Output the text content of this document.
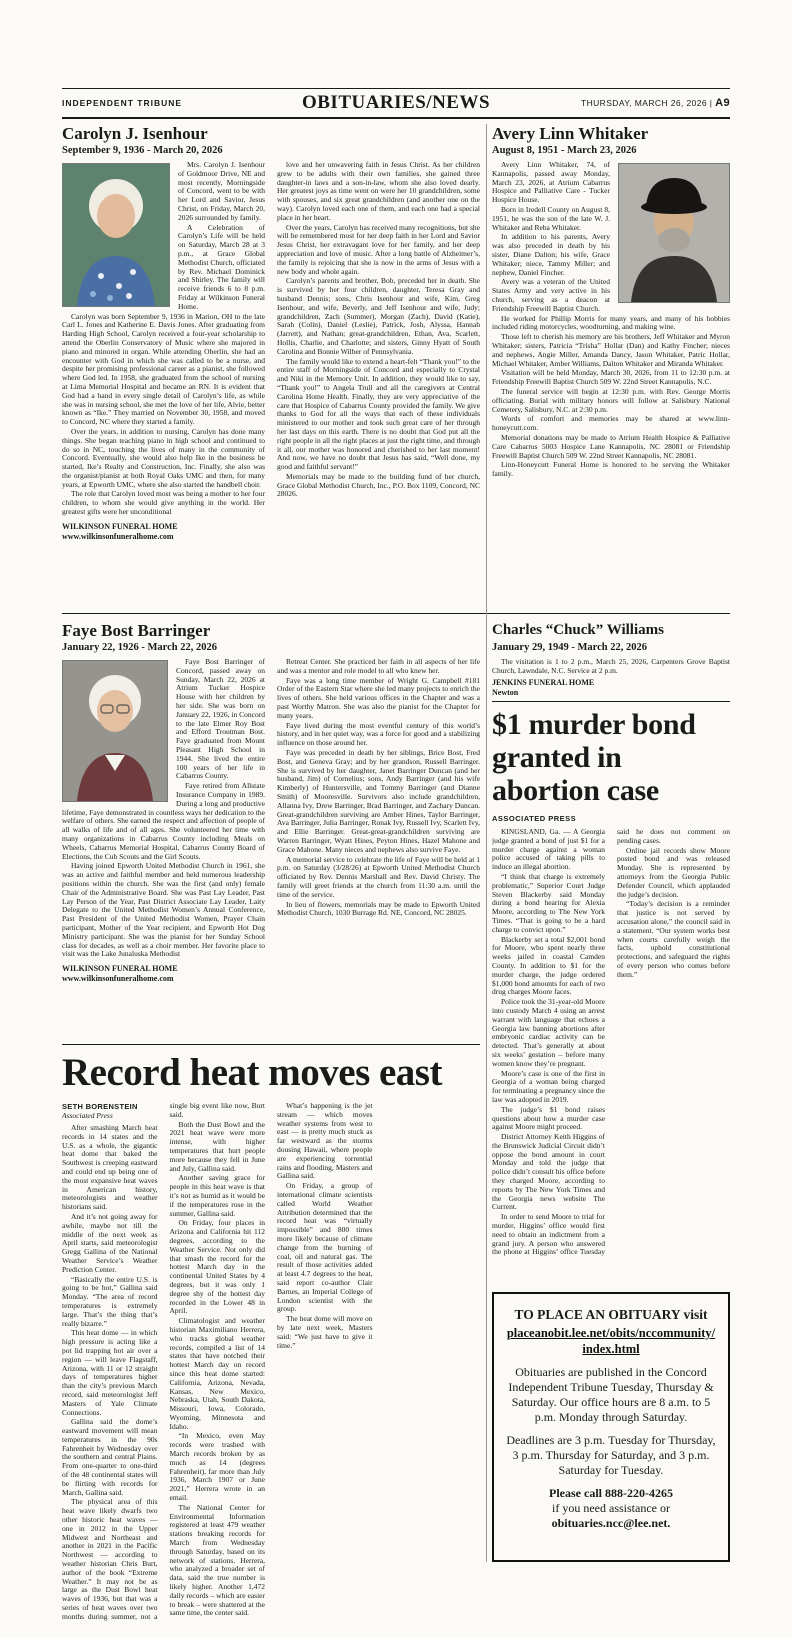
INDEPENDENT TRIBUNE	OBITUARIES/NEWS	THURSDAY, MARCH 26, 2026 | A9
Carolyn J. Isenhour
September 9, 1936 - March 20, 2026

Mrs. Carolyn J. Isenhour of Goldmoor Drive, NE and most recently, Morningside of Concord, went to be with her Lord and Savior, Jesus Christ, on Friday, March 20, 2026 surrounded by family.

A Celebration of Carolyn’s Life will be held on Saturday, March 28 at 3 p.m., at Grace Global Methodist Church, officiated by Rev. Michael Dominick and Shirley. The family will receive friends 6 to 8 p.m. Friday at Wilkinson Funeral Home.

Carolyn was born September 9, 1936 in Marion, OH to the late Carl L. Jones and Katherine E. Davis Jones. After graduating from Harding High School, Carolyn received a four-year scholarship to attend the Oberlin Conservatory of Music where she majored in piano and minored in organ. While attending Oberlin, she had an encounter with God in which she was called to be a nurse, and despite her promising professional career as a pianist, she followed where God led. In 1958, she graduated from the school of nursing at Lima Memorial Hospital and became an RN. It is evident that God had a hand in every single detail of Carolyn’s life, as while she was in nursing school, she met the love of her life, Alvie, better known as “Ike.” They married on November 30, 1958, and moved to Concord, NC where they started a family.

Over the years, in addition to nursing, Carolyn has done many things. She began teaching piano in high school and continued to do so in NC, touching the lives of many in the community of Concord. Eventually, she would also help Ike in the business he started, Ike’s Realty and Construction, Inc. Finally, she also was the organist/pianist at both Royal Oaks UMC and then, for many years, at Epworth UMC, where she also started the handbell choir.

The role that Carolyn loved most was being a mother to her four children, to whom she would give anything in the world. Her greatest gifts were her unconditional

WILKINSON FUNERAL HOME
www.wilkinsonfuneralhome.com

love and her unwavering faith in Jesus Christ. As her children grew to be adults with their own families, she gained three daughter-in laws and a son-in-law, whom she also loved dearly. Her greatest joys as time went on were her 10 grandchildren, some with spouses, and six great grandchildren (and another one on the way). Carolyn loved each one of them, and each one had a special place in her heart.

Over the years, Carolyn has received many recognitions, but she will be remembered most for her deep faith in her Lord and Savior Jesus Christ, her extravagant love for her family, and her deep appreciation and love of music. After a long battle of Alzheimer’s, the family is rejoicing that she is now in the arms of Jesus with a new body and whole again.

Carolyn’s parents and brother, Bob, preceded her in death. She is survived by her four children, daughter, Teresa Gray and husband Dennis; sons, Chris Isenhour and wife, Kim, Greg Isenhour, and wife, Beverly, and Jeff Isenhour and wife, Judy; grandchildren, Zach (Summer), Morgan (Zach), David (Katie), Sarah (Colin), Daniel (Leslie), Patrick, Josh, Alyssa, Hannah (Jarrett), and Nathan; great-grandchildren, Ethan, Ava, Scarlett, Hollis, Charlie, and Charlotte; and sisters, Ginny Hyatt of South Carolina and Bonnie Wilber of Pennsylvania.

The family would like to extend a heart-felt “Thank you!” to the entire staff of Morningside of Concord and especially to Crystal and Niki in the Memory Unit. In addition, they would like to say, “Thank you!” to Angela Trull and all the caregivers at Central Carolina Home Health. Finally, they are very appreciative of the care that Hospice of Cabarrus County provided the family. We give thanks to God for all the ways that each of these individuals ministered to our mother and took such great care of her through her last days on this earth. There is no doubt that God put all the right people in all the right places at just the right time, and through it all, our mother was honored and cherished to her last moment! And now, we have no doubt that Jesus has said, “Well done, my good and faithful servant!”

Memorials may be made to the building fund of her church, Grace Global Methodist Church, Inc., P.O. Box 1109, Concord, NC 28026.

Avery Linn Whitaker
August 8, 1951 - March 23, 2026

Avery Linn Whitaker, 74, of Kannapolis, passed away Monday, March 23, 2026, at Atrium Cabarrus Hospice and Palliative Care - Tucker Hospice House.

Born in Iredell County on August 8, 1951, he was the son of the late W. J. Whitaker and Reba Whitaker.

In addition to his parents, Avery was also preceded in death by his sister, Diane Dalton; his wife, Grace Whitaker; niece, Tammy Miller; and nephew, Daniel Fincher.

Avery was a veteran of the United States Army and very active in his church, serving as a deacon at Friendship Freewill Baptist Church.

He worked for Phillip Morris for many years, and many of his hobbies included riding motorcycles, woodturning, and making wine.

Those left to cherish his memory are his brothers, Jeff Whitaker and Myron Whitaker; sisters, Patricia “Trisha” Hollar (Dan) and Kathy Fincher; nieces and nephews, Angie Miller, Amanda Dancy, Jason Whitaker, Patric Hollar, Michael Whitaker, Amber Williams, Dalton Whitaker and Miranda Whitaker.

Visitation will be held Monday, March 30, 2026, from 11 to 12:30 p.m. at Friendship Freewill Baptist Church 509 W. 22nd Street Kannapolis, N.C.

The funeral service will begin at 12:30 p.m. with Rev. George Morris officiating. Burial with military honors will follow at Salisbury National Cemetery, Salisbury, N.C. at 2:30 p.m.

Words of comfort and memories may be shared at www.linn-honeycutt.com.

Memorial donations may be made to Atrium Health Hospice & Palliative Care Cabarrus 5003 Hospice Lane Kannapolis, NC 28081 or Friendship Freewill Baptist Church 509 W. 22nd Street Kannapolis, NC 28081.

Linn-Honeycutt Funeral Home is honored to be serving the Whitaker family.

Faye Bost Barringer
January 22, 1926 - March 22, 2026

Faye Bost Barringer of Concord, passed away on Sunday, March 22, 2026 at Atrium Tucker Hospice House with her children by her side. She was born on January 22, 1926, in Concord to the late Elmer Roy Bost and Efford Troutman Bost. Faye graduated from Mount Pleasant High School in 1944. She lived the entire 100 years of her life in Cabarrus County.

Faye retired from Allstate Insurance Company in 1989. During a long and productive lifetime, Faye demonstrated in countless ways her dedication to the welfare of others. She earned the respect and affection of people of all walks of life and of all ages. She volunteered her time with many organizations in Cabarrus County including Meals on Wheels, Cabarrus Memorial Hospital, Cabarrus County Board of Elections, the Cub Scouts and the Girl Scouts.

Having joined Epworth United Methodist Church in 1961, she was an active and faithful member and held numerous leadership positions within the church. She was the first (and only) female Chair of the Administrative Board. She was Past Lay Leader, Past Lay Person of the Year, Past District Associate Lay Leader, Laity Delegate to the United Methodist Women’s Annual Conference, Past President of the United Methodist Women, Prayer Chain participant, Mother of the Year recipient, and Epworth Hot Dog Ministry participant. She was the pianist for her Sunday School class for decades, as well as a choir member. Her favorite place to visit was the Lake Junaluska Methodist

WILKINSON FUNERAL HOME
www.wilkinsonfuneralhome.com

Retreat Center. She practiced her faith in all aspects of her life and was a mentor and role model to all who knew her.

Faye was a long time member of Wright G. Campbell #181 Order of the Eastern Star where she led many projects to enrich the lives of others. She held various offices in the Chapter and was a past Worthy Matron. She was also the pianist for the Chapter for many years.

Faye lived during the most eventful century of this world’s history, and in her quiet way, was a force for good and a stabilizing influence on those around her.

Faye was preceded in death by her siblings, Brice Bost, Fred Bost, and Geneva Gray; and by her grandson, Russell Barringer. She is survived by her daughter, Janet Barringer Duncan (and her husband, Jim) of Cornelius; sons, Andy Barringer (and his wife Kimberly) of Huntersville, and Tommy Barringer (and Dianne Smith) of Mooresville. Survivors also include grandchildren, Allanna Ivy, Drew Barringer, Brad Barringer, and Zachary Duncan. Great-grandchildren surviving are Amber Hines, Taylor Barringer, Ava Barringer, Julia Barringer, Ronak Ivy, Russell Ivy, Scarlett Ivy, and Ellie Barringer. Great-great-grandchildren surviving are Warren Barringer, Wyatt Hines, Peyton Hines, Hazel Mahone and Grace Mahone. Many nieces and nephews also survive Faye.

A memorial service to celebrate the life of Faye will be held at 1 p.m. on Saturday (3/28/26) at Epworth United Methodist Church officiated by Rev. Dennis Marshall and Rev. David Christy. The family will greet friends at the church from 11:30 a.m. until the time of the service.

In lieu of flowers, memorials may be made to Epworth United Methodist Church, 1030 Burrage Rd. NE, Concord, NC 28025.

Charles “Chuck” Williams
January 29, 1949 - March 22, 2026

The visitation is 1 to 2 p.m., March 25, 2026, Carpenters Grove Baptist Church, Lawndale, N.C. Service at 2 p.m.

JENKINS FUNERAL HOME
Newton
$1 murder bond granted in abortion case
ASSOCIATED PRESS

KINGSLAND, Ga. — A Georgia judge granted a bond of just $1 for a murder charge against a woman police accused of taking pills to induce an illegal abortion.

“I think that charge is extremely problematic,” Superior Court Judge Steven Blackerby said Monday during a bond hearing for Alexia Moore, according to The New York Times. “That is going to be a hard charge to convict upon.”

Blackerby set a total $2,001 bond for Moore, who spent nearly three weeks jailed in coastal Camden County. In addition to $1 for the murder charge, the judge ordered $1,000 bond amounts for each of two drug charges Moore faces.

Police took the 31-year-old Moore into custody March 4 using an arrest warrant with language that echoes a Georgia law banning abortions after embryonic cardiac activity can be detected. That’s generally at about six weeks’ gestation – before many women know they’re pregnant.

Moore’s case is one of the first in Georgia of a woman being charged for terminating a pregnancy since the law was adopted in 2019.

The judge’s $1 bond raises questions about how a murder case against Moore might proceed.

District Attorney Keith Higgins of the Brunswick Judicial Circuit didn’t oppose the bond amount in court Monday and told the judge that police didn’t consult his office before they charged Moore, according to reports by The New York Times and the Georgia news website The Current.

In order to send Moore to trial for murder, Higgins’ office would first need to obtain an indictment from a grand jury. A person who answered the phone at Higgins’ office Tuesday said he does not comment on pending cases.

Online jail records show Moore posted bond and was released Monday. She is represented by attorneys from the Georgia Public Defender Council, which applauded the judge’s decision.

“Today’s decision is a reminder that justice is not served by accusation alone,” the council said in a statement. “Our system works best when courts carefully weigh the facts, uphold constitutional protections, and safeguard the rights of every person who comes before them.”

Record heat moves east
SETH BORENSTEIN
Associated Press

After smashing March heat records in 14 states and the U.S. as a whole, the gigantic heat dome that baked the Southwest is creeping eastward and could end up being one of the most expansive heat waves in American history, meteorologists and weather historians said.

And it’s not going away for awhile, maybe not till the middle of the next week as April starts, said meteorologist Gregg Gallina of the National Weather Service’s Weather Prediction Center.

“Basically the entire U.S. is going to be hot,” Gallina said Monday. “The area of record temperatures is extremely large. That’s the thing that’s really bizarre.”

This heat dome — in which high pressure is acting like a pot lid trapping hot air over a region — will leave Flagstaff, Arizona, with 11 or 12 straight days of temperatures higher than the city’s previous March record, said meteorologist Jeff Masters of Yale Climate Connections.

Gallina said the dome’s eastward movement will mean temperatures in the 90s Fahrenheit by Wednesday over the southern and central Plains. From one-quarter to one-third of the 48 continental states will be flirting with records for March, Gallina said.

The physical area of this heat wave likely dwarfs two other historic heat waves — one in 2012 in the Upper Midwest and Northeast and another in 2021 in the Pacific Northwest — according to weather historian Chris Burt, author of the book “Extreme Weather.” It may not be as large as the Dust Bowl heat waves of 1936, but that was a series of heat waves over two months during summer, not a single big event like now, Burt said.

Both the Dust Bowl and the 2021 heat wave were more intense, with higher temperatures that hurt people more because they fell in June and July, Gallina said.

Another saving grace for people in this heat wave is that it’s not as humid as it would be if the temperatures rose in the summer, Gallina said.

On Friday, four places in Arizona and California hit 112 degrees, according to the Weather Service. Not only did that smash the record for the hottest March day in the continental United States by 4 degrees, but it was only 1 degree shy of the hottest day recorded in the Lower 48 in April.

Climatologist and weather historian Maximiliano Herrera, who tracks global weather records, compiled a list of 14 states that have notched their hottest March day on record since this heat dome started: California, Arizona, Nevada, Kansas, New Mexico, Nebraska, Utah, South Dakota, Missouri, Iowa, Colorado, Wyoming, Minnesota and Idaho.

“In Mexico, even May records were trashed with March records broken by as much as 14 (degrees Fahrenheit), far more than July 1936, March 1907 or June 2021,” Herrera wrote in an email.

The National Center for Environmental Information registered at least 479 weather stations breaking records for March from Wednesday through Saturday, based on its network of stations. Herrera, who analyzed a broader set of data, said the true number is likely higher. Another 1,472 daily records – which are easier to break – were shattered at the same time, the center said.

What’s happening is the jet stream — which moves weather systems from west to east — is pretty much stuck as far westward as the storms dousing Hawaii, where people are experiencing torrential rains and flooding, Masters and Gallina said.

On Friday, a group of international climate scientists called World Weather Attribution determined that the record heat was “virtually impossible” and 800 times more likely because of climate change from the burning of coal, oil and natural gas. The result of those activities added at least 4.7 degrees to the heat, said report co-author Clair Barnes, an Imperial College of London scientist with the group.

The heat dome will move on by late next week, Masters said: “We just have to give it time.”

TO PLACE AN OBITUARY visit
placeanobit.lee.net/obits/nccommunity/index.html

Obituaries are published in the Concord Independent Tribune Tuesday, Thursday & Saturday. Our office hours are 8 a.m. to 5 p.m. Monday through Saturday.

Deadlines are 3 p.m. Tuesday for Thursday, 3 p.m. Thursday for Saturday, and 3 p.m. Saturday for Tuesday.

Please call 888-220-4265
if you need assistance or
obituaries.ncc@lee.net.
